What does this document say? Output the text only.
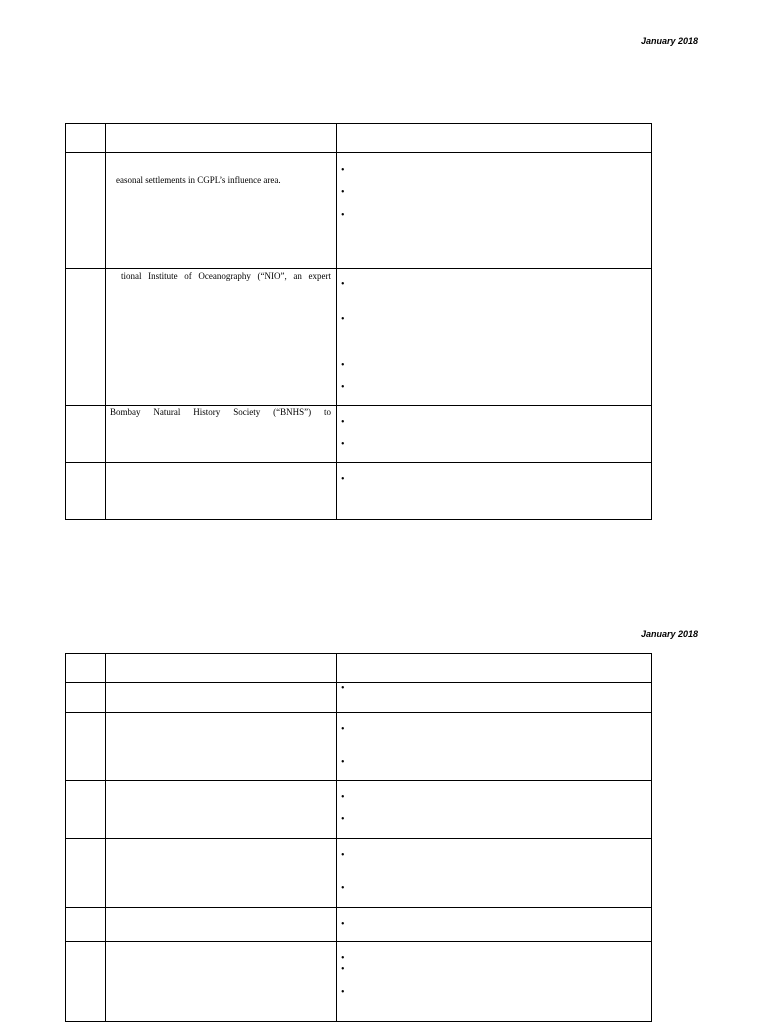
January 2018

	easonal settlements in CGPL’s influence area.	•
•
•

	tional Institute of Oceanography (“NIO”, an expert	•
•
•
•

	Bombay Natural History Society (“BNHS”) to	•
•

		•
January 2018

		•

		•
•

		•
•

		•
•

		•

		•
•
•
